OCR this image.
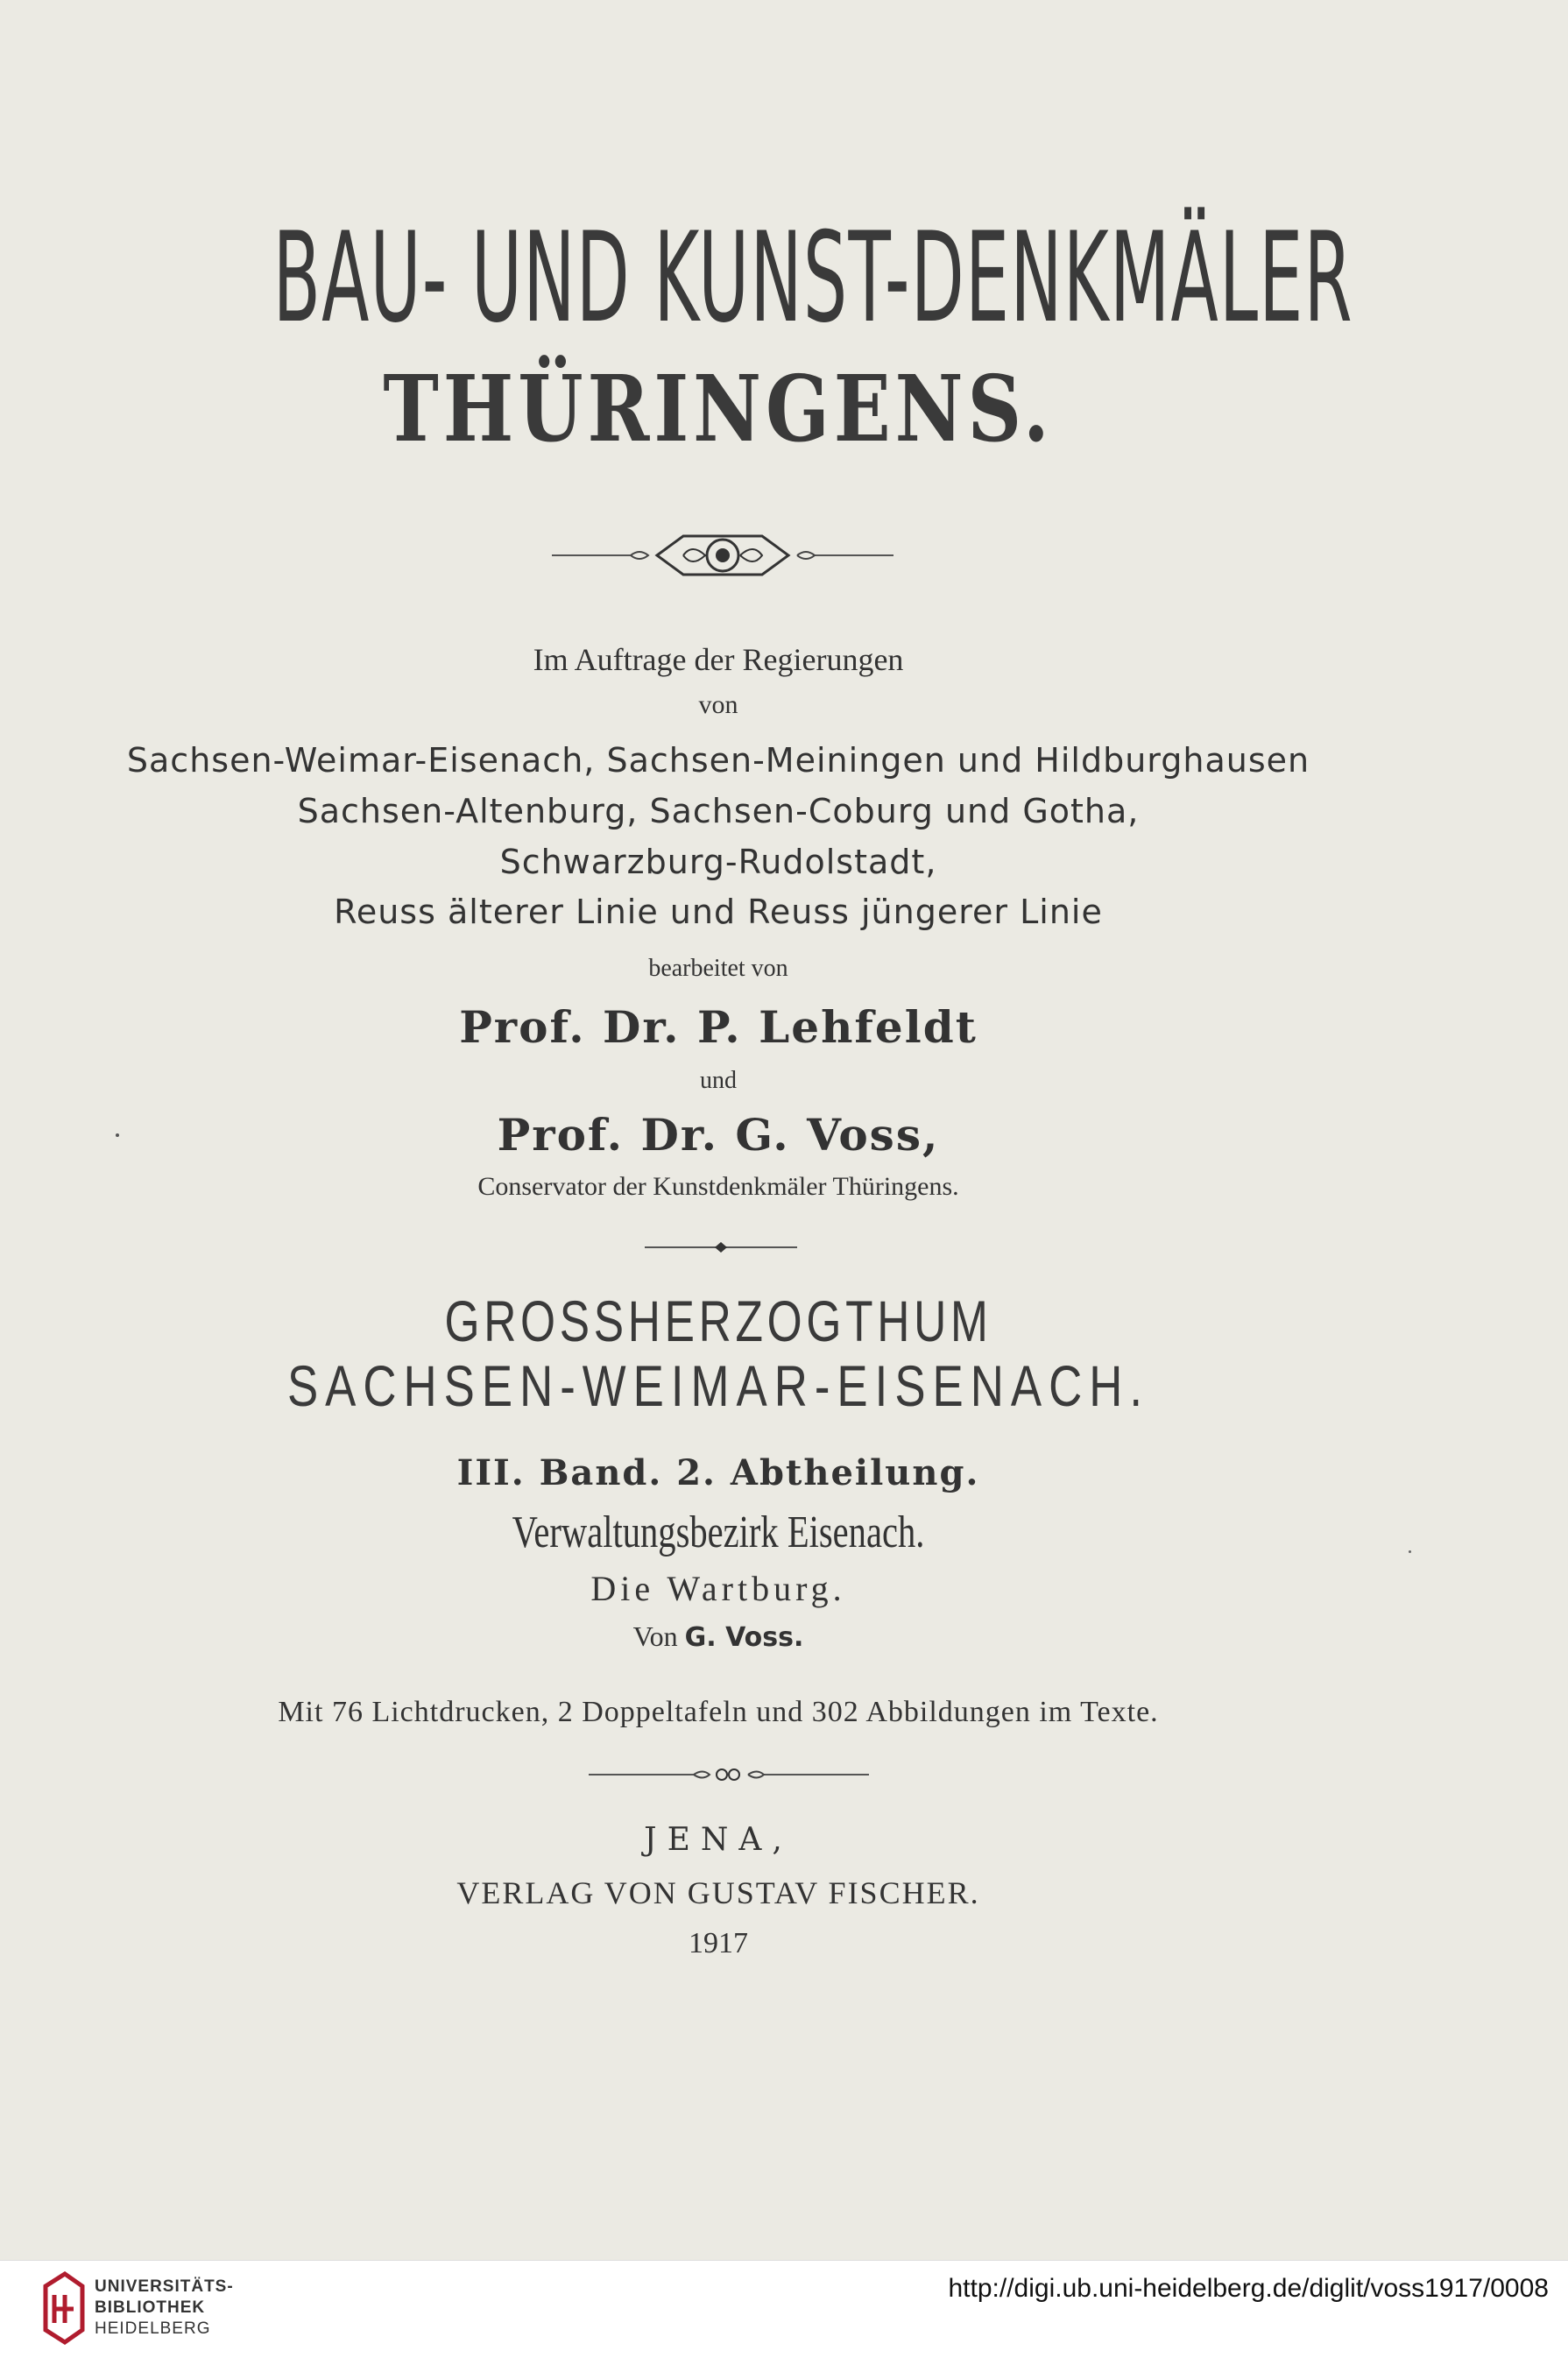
BAU- UND KUNST-DENKMÄLER
THÜRINGENS.
Im Auftrage der Regierungen
von
Sachsen-Weimar-Eisenach, Sachsen-Meiningen und Hildburghausen
Sachsen-Altenburg, Sachsen-Coburg und Gotha,
Schwarzburg-Rudolstadt,
Reuss älterer Linie und Reuss jüngerer Linie
bearbeitet von
Prof. Dr. P. Lehfeldt
und
Prof. Dr. G. Voss,
Conservator der Kunstdenkmäler Thüringens.
GROSSHERZOGTHUM
SACHSEN-WEIMAR-EISENACH.
III. Band. 2. Abtheilung.
Verwaltungsbezirk Eisenach.
Die Wartburg.
Von G. Voss.
Mit 76 Lichtdrucken, 2 Doppeltafeln und 302 Abbildungen im Texte.
JENA,
VERLAG VON GUSTAV FISCHER.
1917
UNIVERSITÄTS-
BIBLIOTHEK
HEIDELBERG
http://digi.ub.uni-heidelberg.de/diglit/voss1917/0008
